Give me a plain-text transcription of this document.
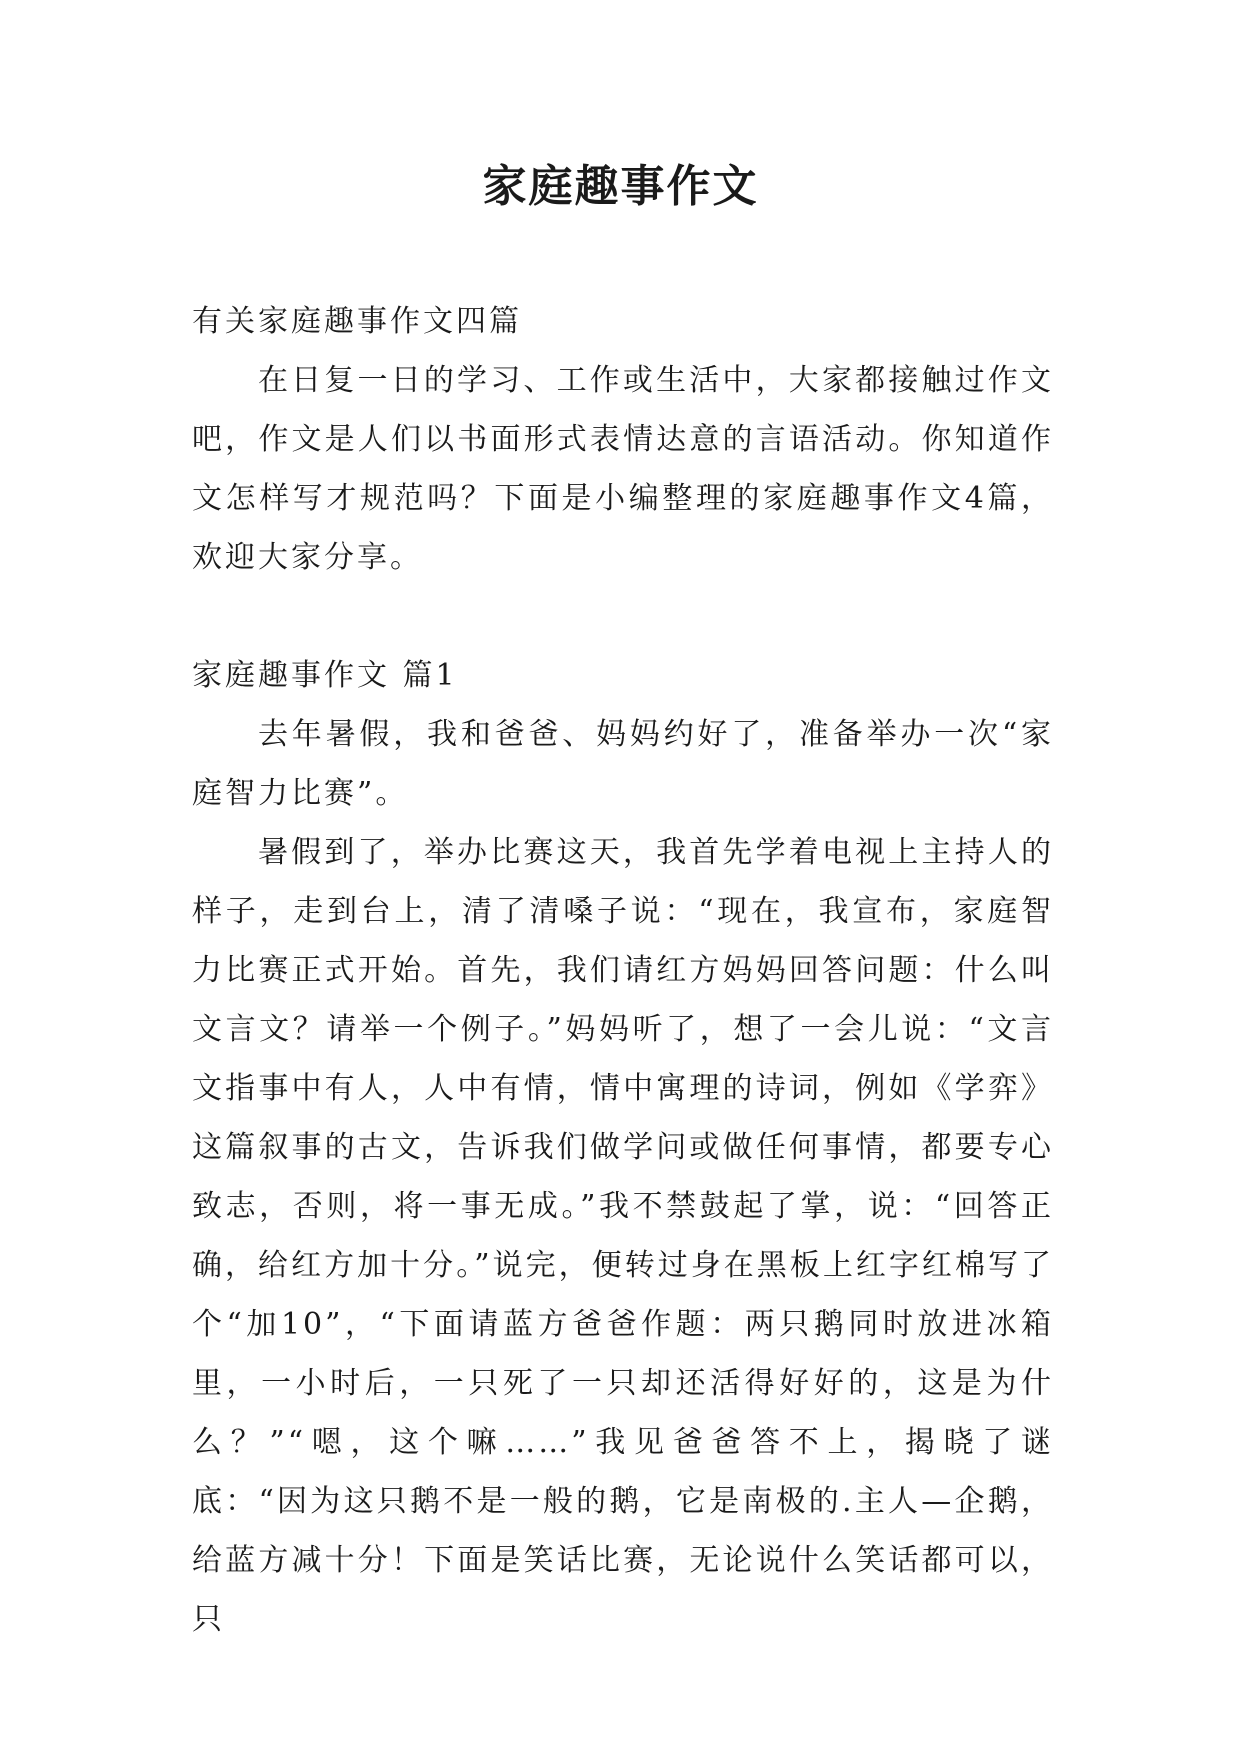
家庭趣事作文

有关家庭趣事作文四篇

在日复一日的学习、工作或生活中，大家都接触过作文吧，作文是人们以书面形式表情达意的言语活动。你知道作文怎样写才规范吗？下面是小编整理的家庭趣事作文4篇，欢迎大家分享。

家庭趣事作文 篇1

去年暑假，我和爸爸、妈妈约好了，准备举办一次“家庭智力比赛”。

暑假到了，举办比赛这天，我首先学着电视上主持人的样子，走到台上，清了清嗓子说：“现在，我宣布，家庭智力比赛正式开始。首先，我们请红方妈妈回答问题：什么叫文言文？请举一个例子。”妈妈听了，想了一会儿说：“文言文指事中有人，人中有情，情中寓理的诗词，例如《学弈》这篇叙事的古文，告诉我们做学问或做任何事情，都要专心致志，否则，将一事无成。”我不禁鼓起了掌，说：“回答正确，给红方加十分。”说完，便转过身在黑板上红字红棉写了个“加10”，“下面请蓝方爸爸作题：两只鹅同时放进冰箱里，一小时后，一只死了一只却还活得好好的，这是为什么？”“嗯，这个嘛……”我见爸爸答不上，揭晓了谜底：“因为这只鹅不是一般的鹅，它是南极的.主人—企鹅，给蓝方减十分！下面是笑话比赛，无论说什么笑话都可以，只
